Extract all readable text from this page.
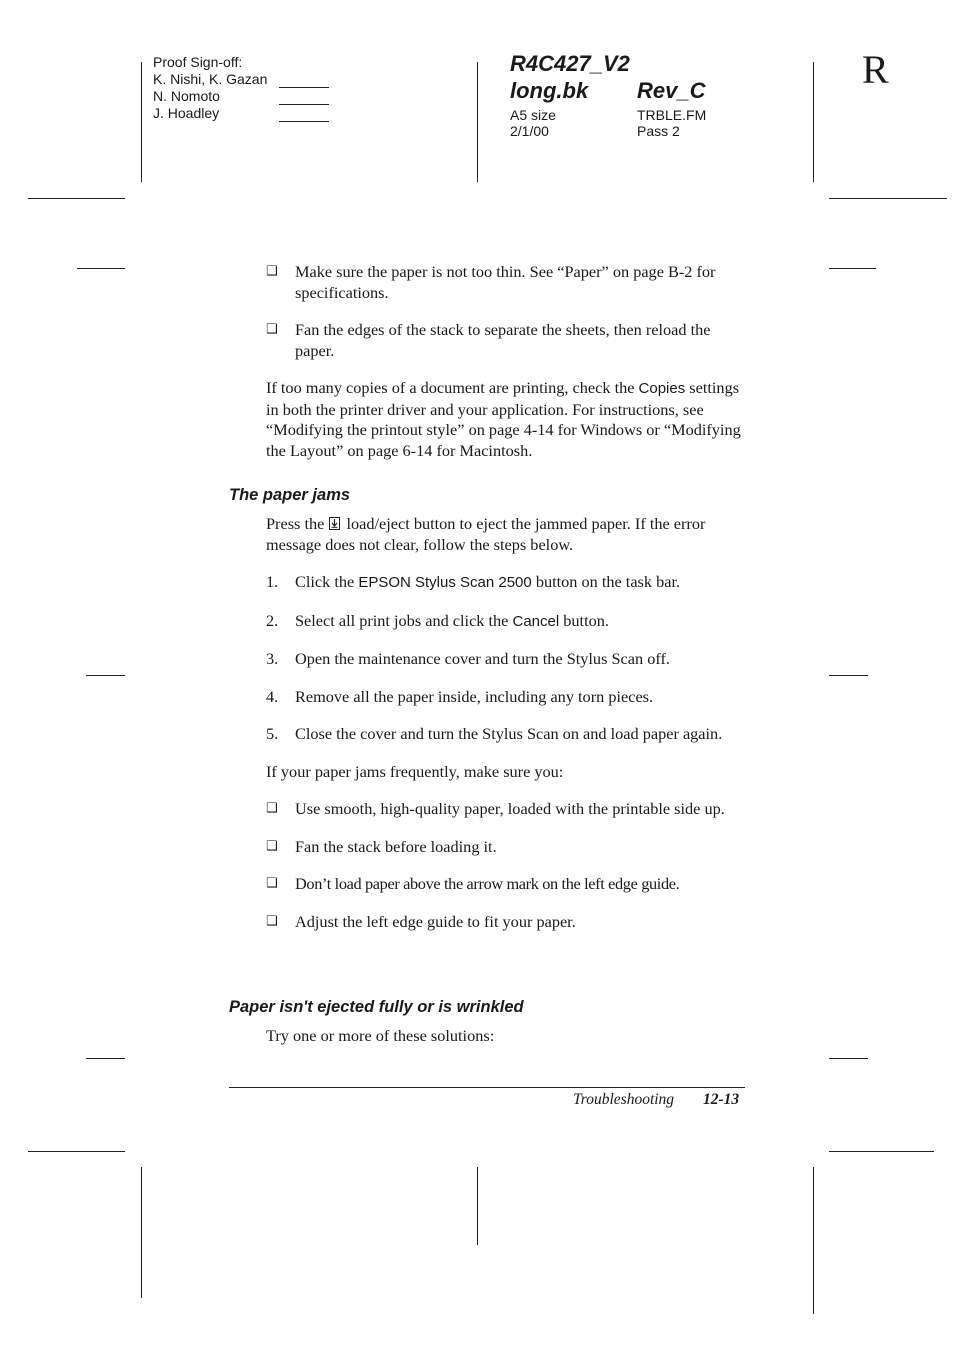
Proof Sign-off:
K. Nishi, K. Gazan
N. Nomoto
J. Hoadley
R4C427_V2
long.bk	Rev_C
A5 size	TRBLE.FM
2/1/00	Pass 2
R
❑	Make sure the paper is not too thin. See “Paper” on page B-2 for specifications.
❑	Fan the edges of the stack to separate the sheets, then reload the paper.
If too many copies of a document are printing, check the Copies settings in both the printer driver and your application. For instructions, see “Modifying the printout style” on page 4-14 for Windows or “Modifying the Layout” on page 6-14 for Macintosh.
The paper jams
Press the
load/eject button to eject the jammed paper. If the error message does not clear, follow the steps below.
1.	Click the EPSON Stylus Scan 2500 button on the task bar.
2.	Select all print jobs and click the Cancel button.
3.	Open the maintenance cover and turn the Stylus Scan off.
4.	Remove all the paper inside, including any torn pieces.
5.	Close the cover and turn the Stylus Scan on and load paper again.
If your paper jams frequently, make sure you:
❑	Use smooth, high-quality paper, loaded with the printable side up.
❑	Fan the stack before loading it.
❑	Don’t load paper above the arrow mark on the left edge guide.
❑	Adjust the left edge guide to fit your paper.
Paper isn't ejected fully or is wrinkled
Try one or more of these solutions:
Troubleshooting 12-13
